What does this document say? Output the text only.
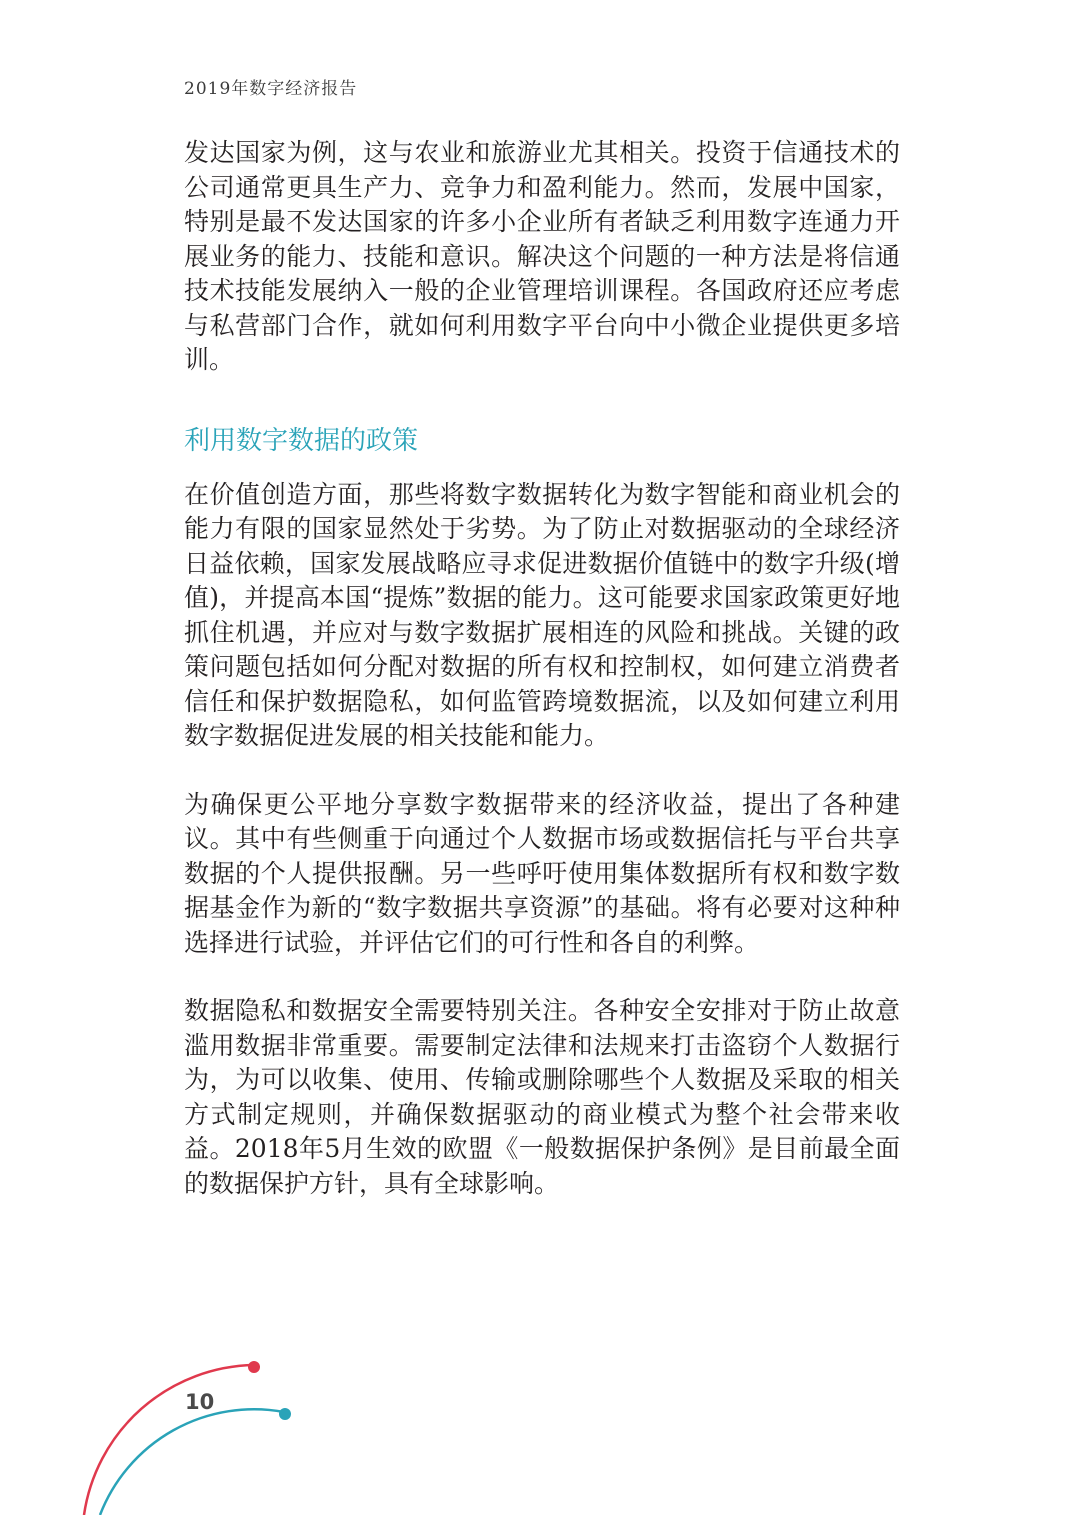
2019年数字经济报告

发达国家为例，这与农业和旅游业尤其相关。投资于信通技术的公司通常更具生产力、竞争力和盈利能力。然而，发展中国家，特别是最不发达国家的许多小企业所有者缺乏利用数字连通力开展业务的能力、技能和意识。解决这个问题的一种方法是将信通技术技能发展纳入一般的企业管理培训课程。各国政府还应考虑与私营部门合作，就如何利用数字平台向中小微企业提供更多培训。

利用数字数据的政策

在价值创造方面，那些将数字数据转化为数字智能和商业机会的能力有限的国家显然处于劣势。为了防止对数据驱动的全球经济日益依赖，国家发展战略应寻求促进数据价值链中的数字升级(增值)，并提高本国“提炼”数据的能力。这可能要求国家政策更好地抓住机遇，并应对与数字数据扩展相连的风险和挑战。关键的政策问题包括如何分配对数据的所有权和控制权，如何建立消费者信任和保护数据隐私，如何监管跨境数据流，以及如何建立利用数字数据促进发展的相关技能和能力。

为确保更公平地分享数字数据带来的经济收益，提出了各种建议。其中有些侧重于向通过个人数据市场或数据信托与平台共享数据的个人提供报酬。另一些呼吁使用集体数据所有权和数字数据基金作为新的“数字数据共享资源”的基础。将有必要对这种种选择进行试验，并评估它们的可行性和各自的利弊。

数据隐私和数据安全需要特别关注。各种安全安排对于防止故意滥用数据非常重要。需要制定法律和法规来打击盗窃个人数据行为，为可以收集、使用、传输或删除哪些个人数据及采取的相关方式制定规则，并确保数据驱动的商业模式为整个社会带来收益。2018年5月生效的欧盟《一般数据保护条例》是目前最全面的数据保护方针，具有全球影响。

10
